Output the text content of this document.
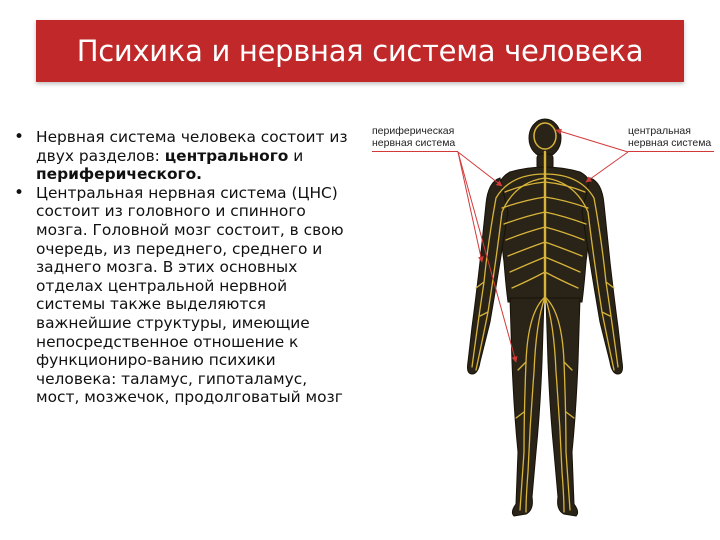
Психика и нервная система человека
• Нервная система человека состоит из двух разделов: центрального и периферического.
• Центральная нервная система (ЦНС) состоит из головного и спинного мозга. Головной мозг состоит, в свою очередь, из переднего, среднего и заднего мозга. В этих основных отделах центральной нервной системы также выделяются важнейшие структуры, имеющие непосредственное отношение к функциониро-ванию психики человека: таламус, гипоталамус, мост, мозжечок, продолговатый мозг
периферическая
нервная система
центральная
нервная система
